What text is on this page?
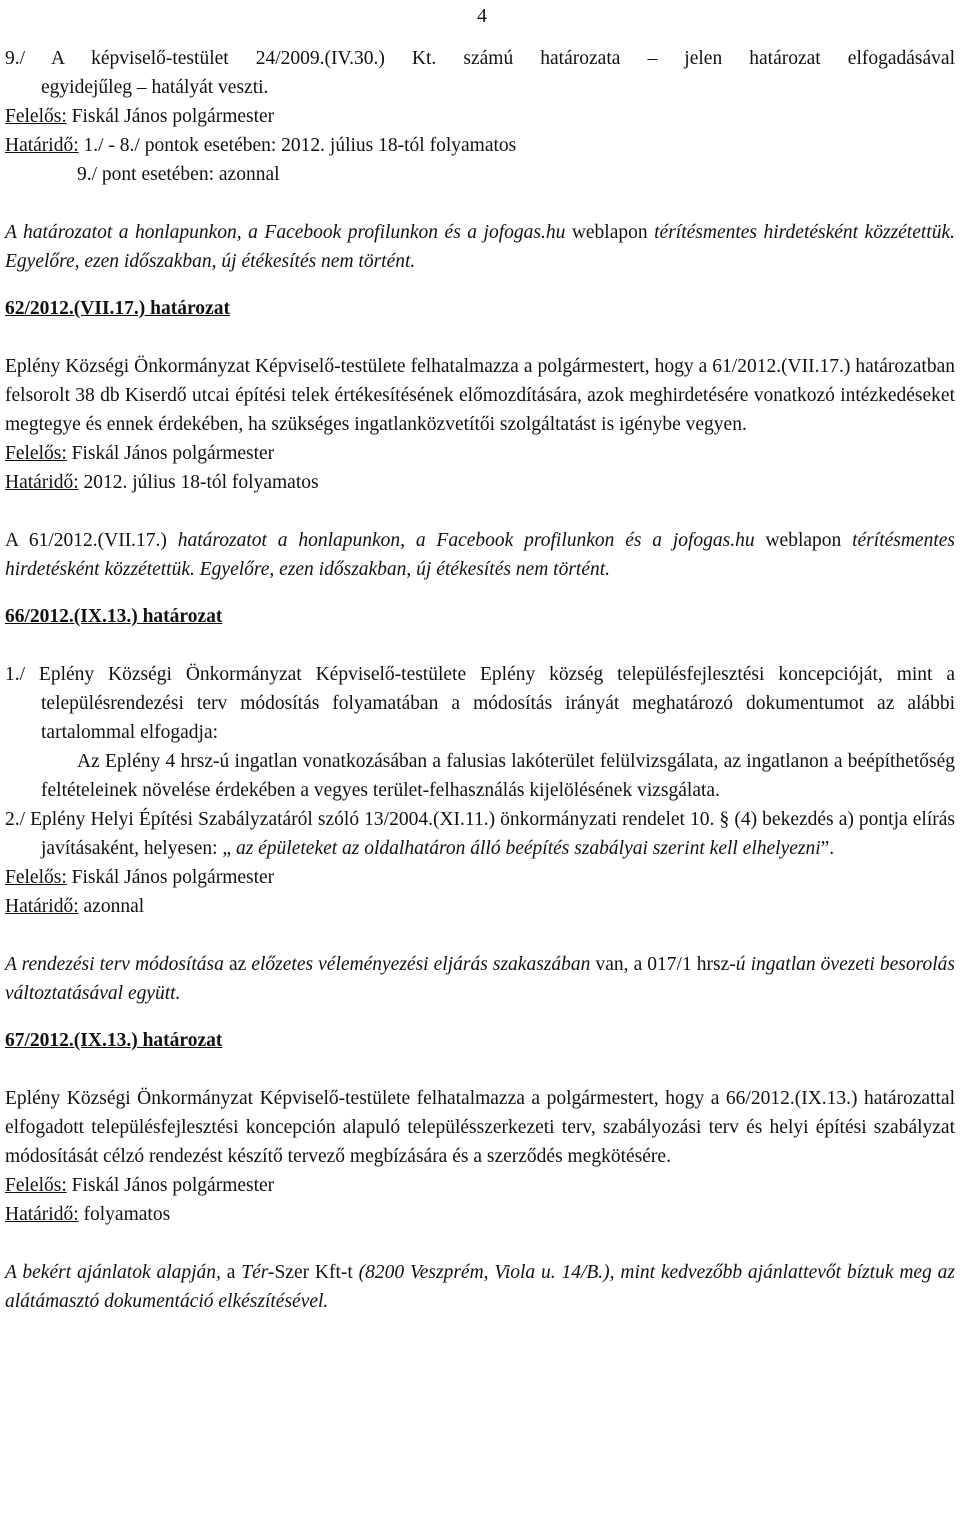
4

9./ A képviselő-testület 24/2009.(IV.30.) Kt. számú határozata – jelen határozat elfogadásával

egyidejűleg – hatályát veszti.

Felelős: Fiskál János polgármester

Határidő: 1./ - 8./ pontok esetében: 2012. július 18-tól folyamatos

9./ pont esetében: azonnal

A határozatot a honlapunkon, a Facebook profilunkon és a jofogas.hu weblapon térítésmentes hirdetésként közzétettük. Egyelőre, ezen időszakban, új étékesítés nem történt.

62/2012.(VII.17.) határozat

Eplény Községi Önkormányzat Képviselő-testülete felhatalmazza a polgármestert, hogy a 61/2012.(VII.17.) határozatban felsorolt 38 db Kiserdő utcai építési telek értékesítésének előmozdítására, azok meghirdetésére vonatkozó intézkedéseket megtegye és ennek érdekében, ha szükséges ingatlanközvetítői szolgáltatást is igénybe vegyen.

Felelős: Fiskál János polgármester

Határidő: 2012. július 18-tól folyamatos

A 61/2012.(VII.17.) határozatot a honlapunkon, a Facebook profilunkon és a jofogas.hu weblapon térítésmentes hirdetésként közzétettük. Egyelőre, ezen időszakban, új étékesítés nem történt.

66/2012.(IX.13.) határozat

1./ Eplény Községi Önkormányzat Képviselő-testülete Eplény község településfejlesztési koncepcióját, mint a településrendezési terv módosítás folyamatában a módosítás irányát meghatározó dokumentumot az alábbi tartalommal elfogadja:

Az Eplény 4 hrsz-ú ingatlan vonatkozásában a falusias lakóterület felülvizsgálata, az ingatlanon a beépíthetőség feltételeinek növelése érdekében a vegyes terület-felhasználás kijelölésének vizsgálata.

2./ Eplény Helyi Építési Szabályzatáról szóló 13/2004.(XI.11.) önkormányzati rendelet 10. § (4) bekezdés a) pontja elírás javításaként, helyesen: „ az épületeket az oldalhatáron álló beépítés szabályai szerint kell elhelyezni”.

Felelős: Fiskál János polgármester

Határidő: azonnal

A rendezési terv módosítása az előzetes véleményezési eljárás szakaszában van, a 017/1 hrsz-ú ingatlan övezeti besorolás változtatásával együtt.

67/2012.(IX.13.) határozat

Eplény Községi Önkormányzat Képviselő-testülete felhatalmazza a polgármestert, hogy a 66/2012.(IX.13.) határozattal elfogadott településfejlesztési koncepción alapuló településszerkezeti terv, szabályozási terv és helyi építési szabályzat módosítását célzó rendezést készítő tervező megbízására és a szerződés megkötésére.

Felelős: Fiskál János polgármester

Határidő: folyamatos

A bekért ajánlatok alapján, a Tér-Szer Kft-t (8200 Veszprém, Viola u. 14/B.), mint kedvezőbb ajánlattevőt bíztuk meg az alátámasztó dokumentáció elkészítésével.
